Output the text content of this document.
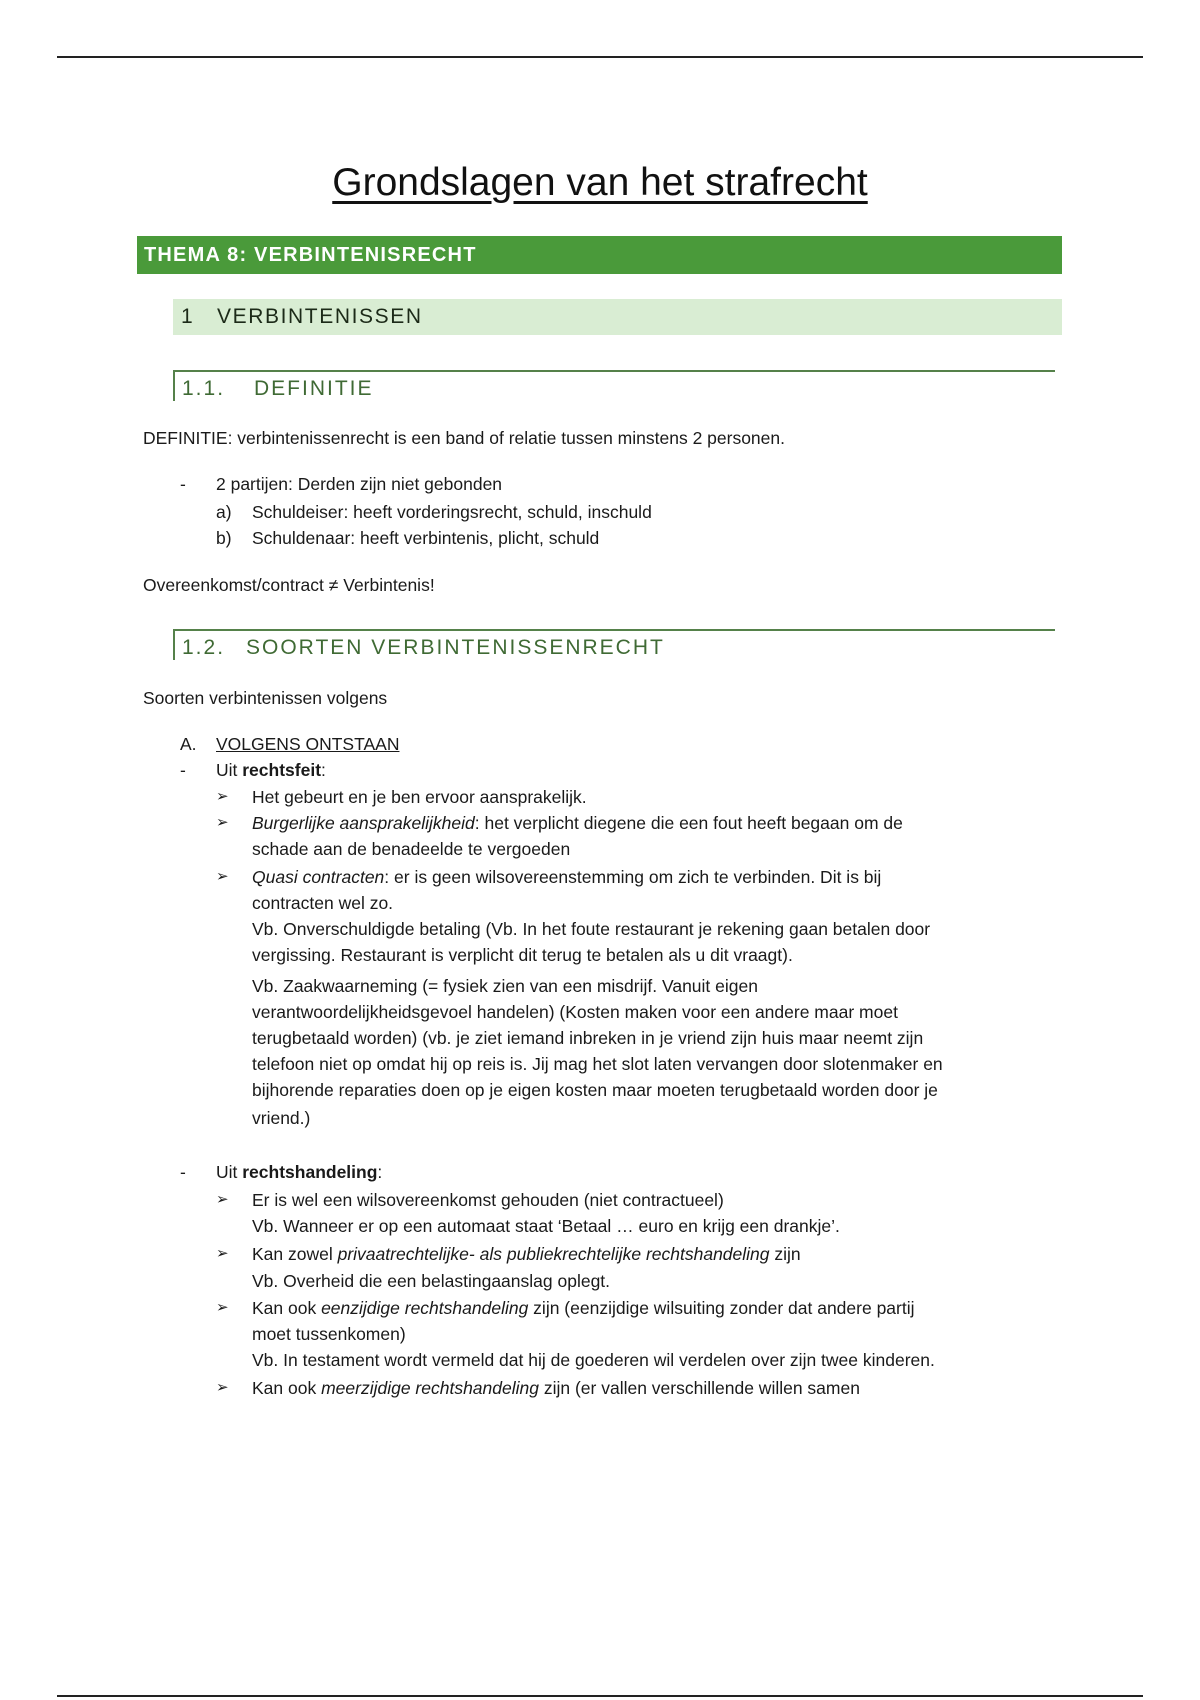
Grondslagen van het strafrecht
THEMA 8: VERBINTENISRECHT
1 VERBINTENISSEN
1.1. DEFINITIE
DEFINITIE: verbintenissenrecht is een band of relatie tussen minstens 2 personen.
- 2 partijen: Derden zijn niet gebonden
a) Schuldeiser: heeft vorderingsrecht, schuld, inschuld
b) Schuldenaar: heeft verbintenis, plicht, schuld
Overeenkomst/contract ≠ Verbintenis!
1.2. SOORTEN VERBINTENISSENRECHT
Soorten verbintenissen volgens
A. VOLGENS ONTSTAAN
- Uit rechtsfeit:
➢ Het gebeurt en je ben ervoor aansprakelijk.
➢ Burgerlijke aansprakelijkheid: het verplicht diegene die een fout heeft begaan om de
schade aan de benadeelde te vergoeden
➢ Quasi contracten: er is geen wilsovereenstemming om zich te verbinden. Dit is bij
contracten wel zo.
Vb. Onverschuldigde betaling (Vb. In het foute restaurant je rekening gaan betalen door
vergissing. Restaurant is verplicht dit terug te betalen als u dit vraagt).
Vb. Zaakwaarneming (= fysiek zien van een misdrijf. Vanuit eigen
verantwoordelijkheidsgevoel handelen) (Kosten maken voor een andere maar moet
terugbetaald worden) (vb. je ziet iemand inbreken in je vriend zijn huis maar neemt zijn
telefoon niet op omdat hij op reis is. Jij mag het slot laten vervangen door slotenmaker en
bijhorende reparaties doen op je eigen kosten maar moeten terugbetaald worden door je
vriend.)
- Uit rechtshandeling:
➢ Er is wel een wilsovereenkomst gehouden (niet contractueel)
Vb. Wanneer er op een automaat staat ‘Betaal … euro en krijg een drankje’.
➢ Kan zowel privaatrechtelijke- als publiekrechtelijke rechtshandeling zijn
Vb. Overheid die een belastingaanslag oplegt.
➢ Kan ook eenzijdige rechtshandeling zijn (eenzijdige wilsuiting zonder dat andere partij
moet tussenkomen)
Vb. In testament wordt vermeld dat hij de goederen wil verdelen over zijn twee kinderen.
➢ Kan ook meerzijdige rechtshandeling zijn (er vallen verschillende willen samen
